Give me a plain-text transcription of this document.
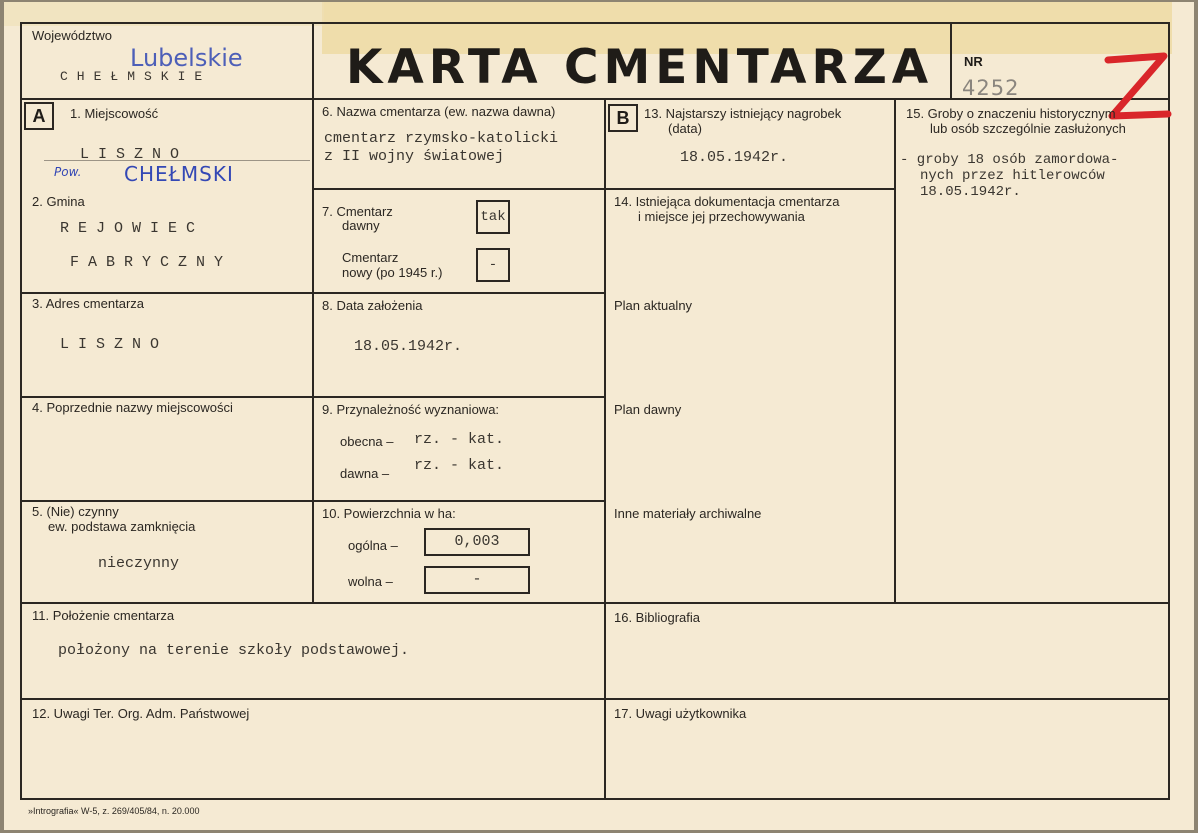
Województwo
Lubelskie
CHEŁMSKIE	KARTA CMENTARZA NR
4252
Z
A	1. Miejscowość
LISZNO
Pow. CHEŁMSKI
2. Gmina
REJOWIEC
FABRYCZNY
3. Adres cmentarza
LISZNO
4. Poprzednie nazwy miejscowości
5. (Nie) czynny
ew. podstawa zamknięcia
nieczynny
6. Nazwa cmentarza (ew. nazwa dawna)
cmentarz rzymsko-katolicki
z II wojny światowej
7. Cmentarz
dawny
tak
Cmentarz
nowy (po 1945 r.)	-
8. Data założenia
18.05.1942r.
9. Przynależność wyznaniowa:
obecna – rz. - kat.
dawna – rz. - kat.
10. Powierzchnia w ha:
ogólna –	0,003
wolna –	-
B	13. Najstarszy istniejący nagrobek
(data)
18.05.1942r.
14. Istniejąca dokumentacja cmentarza
i miejsce jej przechowywania
Plan aktualny
Plan dawny
Inne materiały archiwalne
15. Groby o znaczeniu historycznym
lub osób szczególnie zasłużonych
- groby 18 osób zamordowa-
nych przez hitlerowców
18.05.1942r.
11. Położenie cmentarza
położony na terenie szkoły podstawowej.
16. Bibliografia
12. Uwagi Ter. Org. Adm. Państwowej	17. Uwagi użytkownika
»Intrografia« W-5, z. 269/405/84, n. 20.000
